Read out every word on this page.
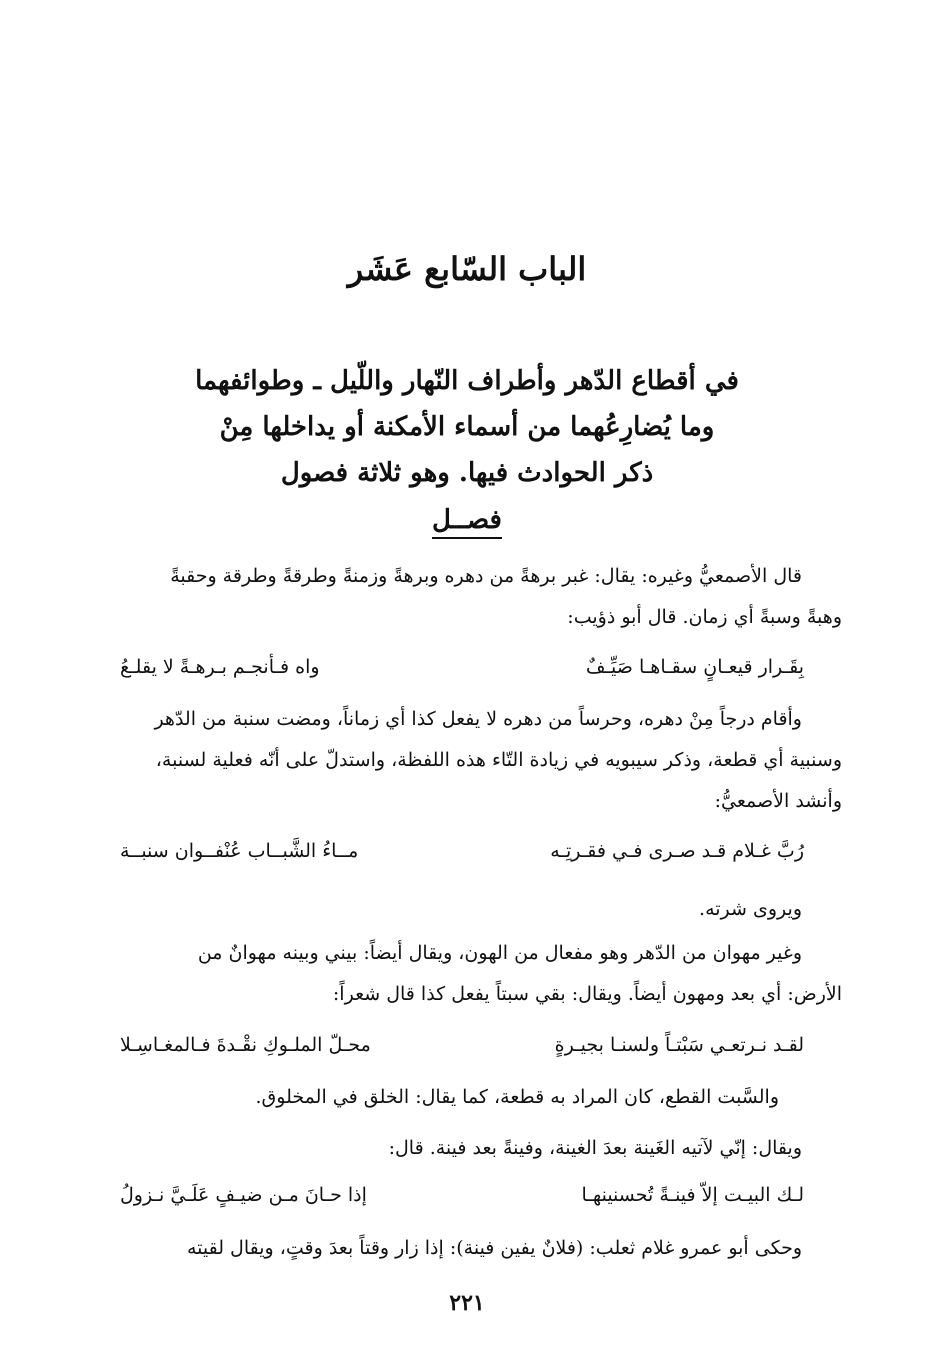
الباب السّابع عَشَر
في أقطاع الدّهر وأطراف النّهار واللّيل ـ وطوائفهما
وما يُضارِعُهما من أسماء الأمكنة أو يداخلها مِنْ
ذكر الحوادث فيها. وهو ثلاثة فصول
فصــل
قال الأصمعيُّ وغيره: يقال: غبر برهةً من دهره وبرهةً وزمنةً وطرقةً وطرقة وحقبةً
وهبةً وسبةً أي زمان. قال أبو ذؤيب:
بِقَـرار قيعـانٍ سقـاهـا صَيِّـفٌ
واه فـأنجـم بـرهـةً لا يقلـعُ
وأقام درجاً مِنْ دهره، وحرساً من دهره لا يفعل كذا أي زماناً، ومضت سنبة من الدّهر
وسنبية أي قطعة، وذكر سيبويه في زيادة التّاء هذه اللفظة، واستدلّ على أنّه فعلية لسنبة،
وأنشد الأصمعيُّ:
رُبَّ غـلام قـد صـرى فـي فقـرتِـه
مــاءُ الشَّبــاب عُنْفــوان سنبــة
ويروى شرته.
وغير مهوان من الدّهر وهو مفعال من الهون، ويقال أيضاً: بيني وبينه مهوانٌ من
الأرض: أي بعد ومهون أيضاً. ويقال: بقي سبتاً يفعل كذا قال شعراً:
لقـد نـرتعـي سَبْتـاً ولسنـا بجيـرةٍ
محـلّ الملـوكِ نقْـدةَ فـالمغـاسِـلا
والسَّبت القطع، كان المراد به قطعة، كما يقال: الخلق في المخلوق.
ويقال: إنّي لآتيه الغَينة بعدَ الغينة، وفينةً بعد فينة. قال:
لـك البيـت إلاّ فينـةً تُحسنينهـا
إذا حـانَ مـن ضيـفٍ عَلَـيَّ نـزولُ
وحكى أبو عمرو غلام ثعلب: (فلانٌ يفين فينة): إذا زار وقتاً بعدَ وقتٍ، ويقال لقيته
٢٢١
